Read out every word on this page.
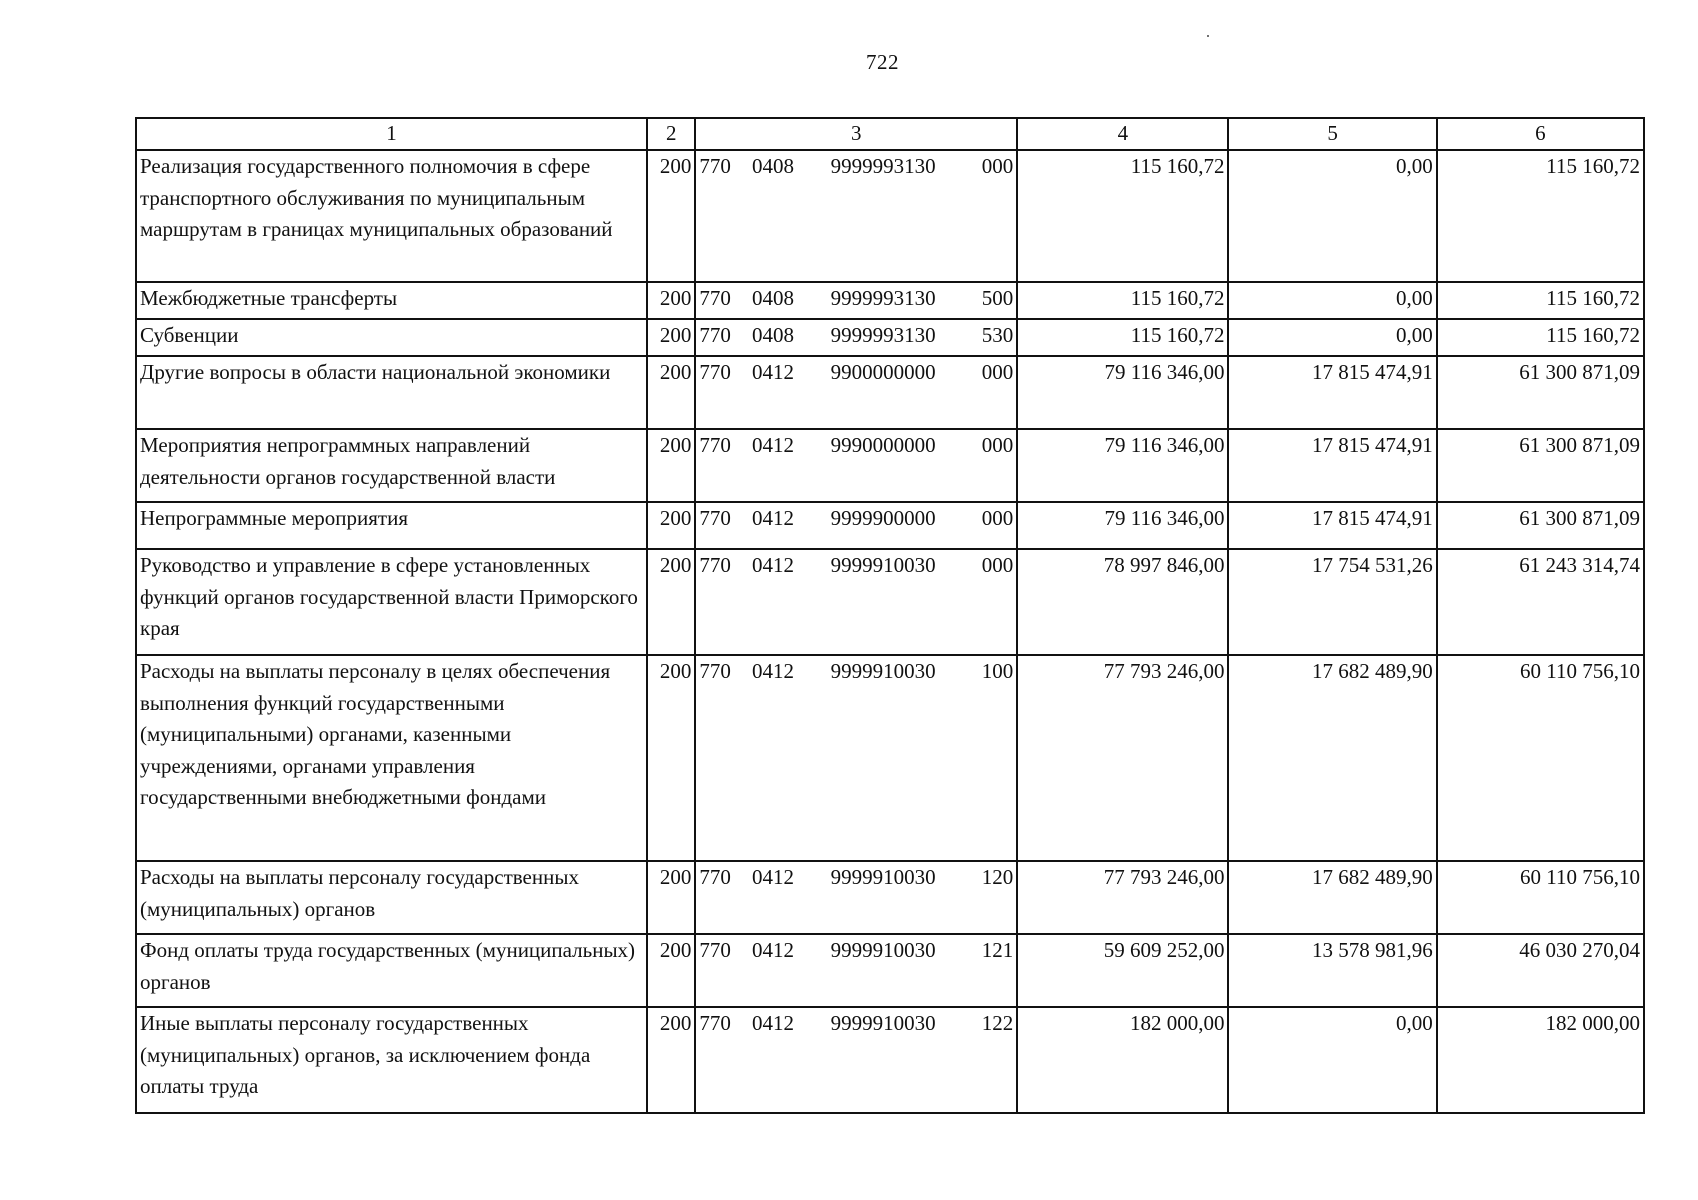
722
1	2	3	4	5	6
Реализация государственного полномочия в сфере транспортного обслуживания по муниципальным маршрутам в границах муниципальных образований	200	770 0408 9999993130 000	115 160,72	0,00	115 160,72
Межбюджетные трансферты	200	770 0408 9999993130 500	115 160,72	0,00	115 160,72
Субвенции	200	770 0408 9999993130 530	115 160,72	0,00	115 160,72
Другие вопросы в области национальной экономики	200	770 0412 9900000000 000	79 116 346,00	17 815 474,91	61 300 871,09
Мероприятия непрограммных направлений деятельности органов государственной власти	200	770 0412 9990000000 000	79 116 346,00	17 815 474,91	61 300 871,09
Непрограммные мероприятия	200	770 0412 9999900000 000	79 116 346,00	17 815 474,91	61 300 871,09
Руководство и управление в сфере установленных функций органов государственной власти Приморского края	200	770 0412 9999910030 000	78 997 846,00	17 754 531,26	61 243 314,74
Расходы на выплаты персоналу в целях обеспечения выполнения функций государственными (муниципальными) органами, казенными учреждениями, органами управления государственными внебюджетными фондами	200	770 0412 9999910030 100	77 793 246,00	17 682 489,90	60 110 756,10
Расходы на выплаты персоналу государственных (муниципальных) органов	200	770 0412 9999910030 120	77 793 246,00	17 682 489,90	60 110 756,10
Фонд оплаты труда государственных (муниципальных) органов	200	770 0412 9999910030 121	59 609 252,00	13 578 981,96	46 030 270,04
Иные выплаты персоналу государственных (муниципальных) органов, за исключением фонда оплаты труда	200	770 0412 9999910030 122	182 000,00	0,00	182 000,00
